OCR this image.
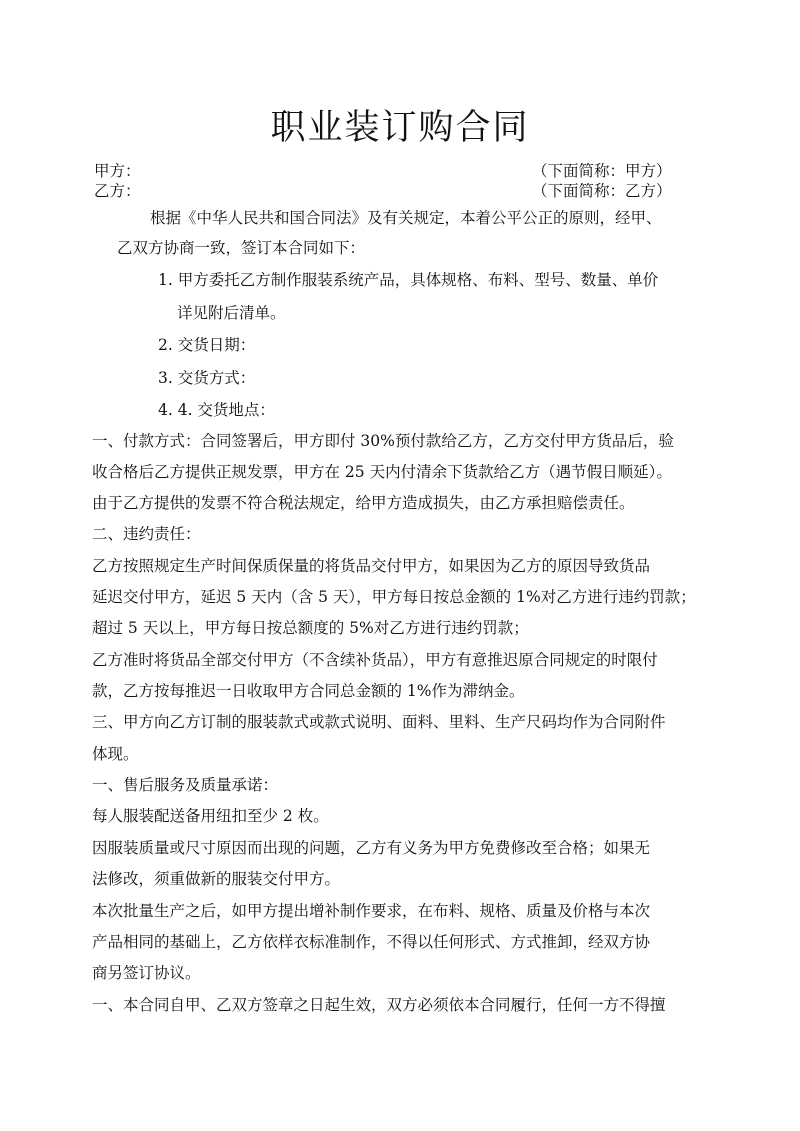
职业装订购合同
甲方：	（下面简称：甲方）
乙方：	（下面简称：乙方）
根据《中华人民共和国合同法》及有关规定，本着公平公正的原则，经甲、
乙双方协商一致，签订本合同如下：
1. 甲方委托乙方制作服装系统产品，具体规格、布料、型号、数量、单价
详见附后清单。
2. 交货日期：
3. 交货方式：
4. 4. 交货地点：
一、付款方式：合同签署后，甲方即付 30%预付款给乙方，乙方交付甲方货品后，验
收合格后乙方提供正规发票，甲方在 25 天内付清余下货款给乙方（遇节假日顺延）。
由于乙方提供的发票不符合税法规定，给甲方造成损失，由乙方承担赔偿责任。
二、违约责任：
乙方按照规定生产时间保质保量的将货品交付甲方，如果因为乙方的原因导致货品
延迟交付甲方，延迟 5 天内（含 5 天），甲方每日按总金额的 1%对乙方进行违约罚款；
超过 5 天以上，甲方每日按总额度的 5%对乙方进行违约罚款；
乙方准时将货品全部交付甲方（不含续补货品），甲方有意推迟原合同规定的时限付
款，乙方按每推迟一日收取甲方合同总金额的 1%作为滞纳金。
三、甲方向乙方订制的服装款式或款式说明、面料、里料、生产尺码均作为合同附件
体现。
一、售后服务及质量承诺：
每人服装配送备用纽扣至少 2 枚。
因服装质量或尺寸原因而出现的问题，乙方有义务为甲方免费修改至合格；如果无
法修改，须重做新的服装交付甲方。
本次批量生产之后，如甲方提出增补制作要求，在布料、规格、质量及价格与本次
产品相同的基础上，乙方依样衣标准制作，不得以任何形式、方式推卸，经双方协
商另签订协议。
一、本合同自甲、乙双方签章之日起生效，双方必须依本合同履行，任何一方不得擅
